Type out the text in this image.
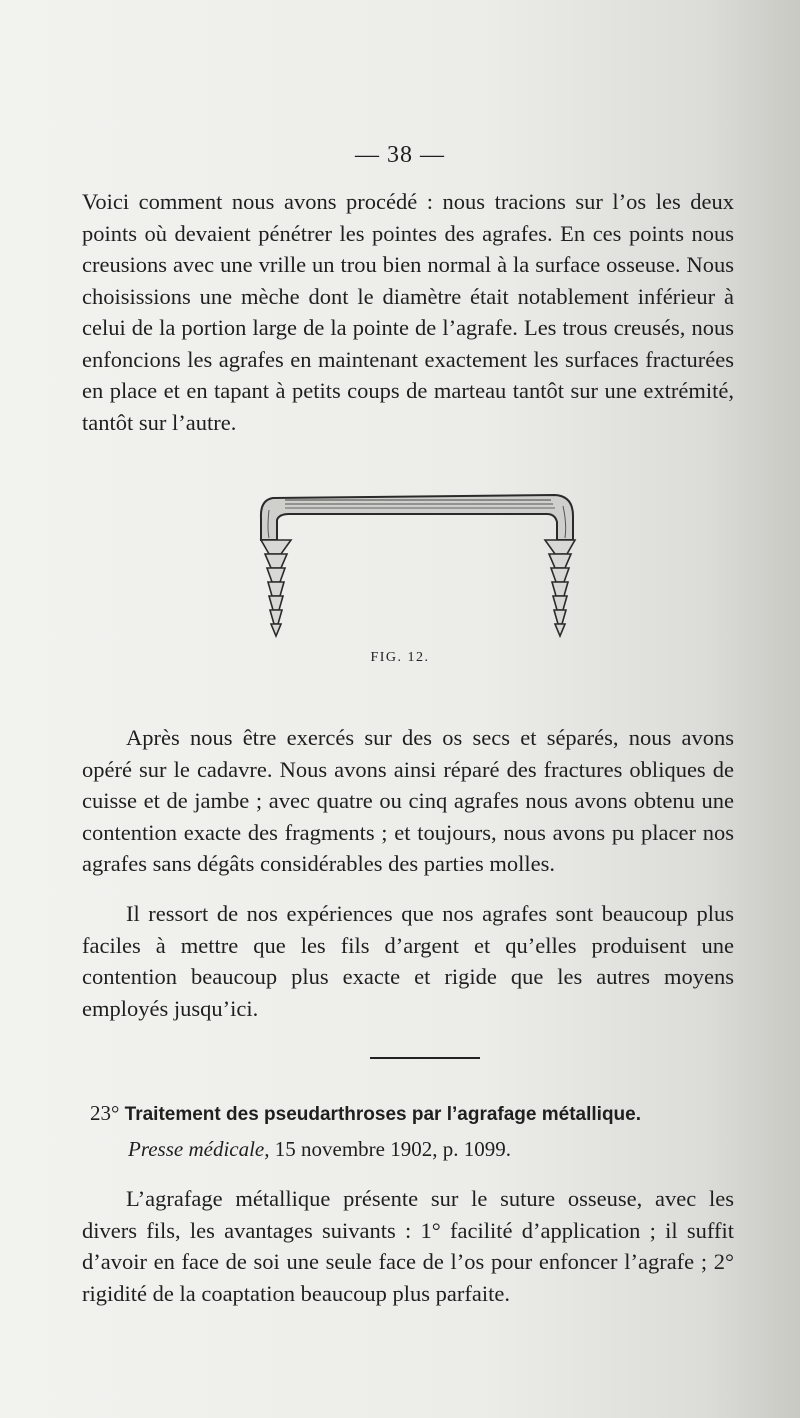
— 38 —

Voici comment nous avons procédé : nous tracions sur l’os les deux points où devaient pénétrer les pointes des agrafes. En ces points nous creusions avec une vrille un trou bien normal à la surface osseuse. Nous choisissions une mèche dont le diamètre était notablement inférieur à celui de la portion large de la pointe de l’agrafe. Les trous creusés, nous enfoncions les agrafes en maintenant exactement les surfaces fracturées en place et en tapant à petits coups de marteau tantôt sur une extrémité, tantôt sur l’autre.

FIG. 12.

Après nous être exercés sur des os secs et séparés, nous avons opéré sur le cadavre. Nous avons ainsi réparé des fractures obliques de cuisse et de jambe ; avec quatre ou cinq agrafes nous avons obtenu une contention exacte des fragments ; et toujours, nous avons pu placer nos agrafes sans dégâts considérables des parties molles.

Il ressort de nos expériences que nos agrafes sont beaucoup plus faciles à mettre que les fils d’argent et qu’elles produisent une contention beaucoup plus exacte et rigide que les autres moyens employés jusqu’ici.

23° Traitement des pseudarthroses par l’agrafage métallique.
Presse médicale, 15 novembre 1902, p. 1099.

L’agrafage métallique présente sur le suture osseuse, avec les divers fils, les avantages suivants : 1° facilité d’application ; il suffit d’avoir en face de soi une seule face de l’os pour enfoncer l’agrafe ; 2° rigidité de la coaptation beaucoup plus parfaite.
